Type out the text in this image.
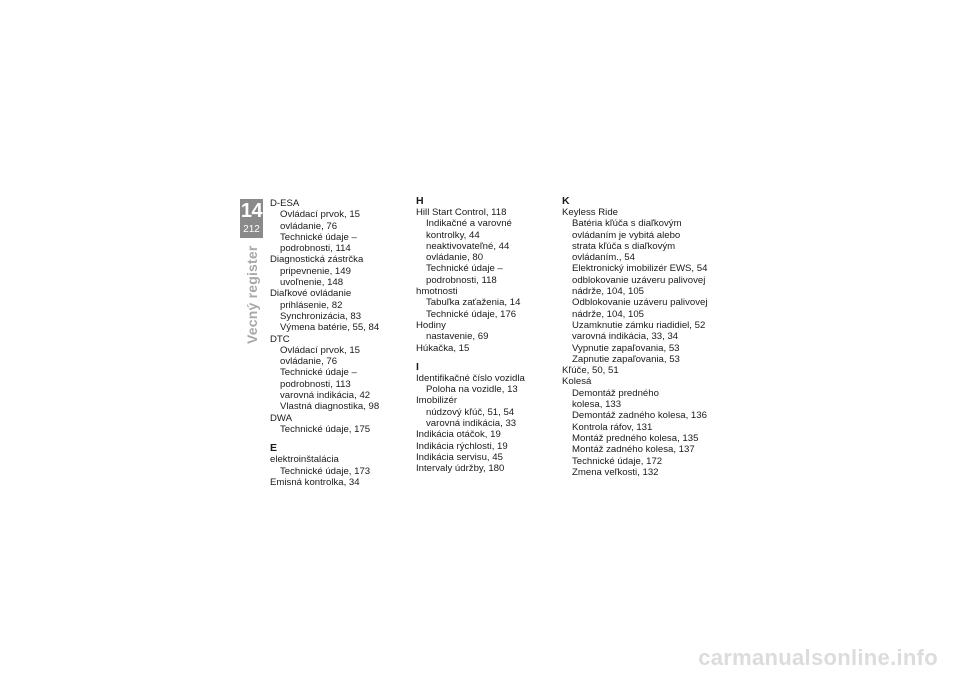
14
212
Vecný register
D-ESA
Ovládací prvok, 15
ovládanie, 76
Technické údaje –
podrobnosti, 114
Diagnostická zástrčka
pripevnenie, 149
uvoľnenie, 148
Diaľkové ovládanie
prihlásenie, 82
Synchronizácia, 83
Výmena batérie, 55, 84
DTC
Ovládací prvok, 15
ovládanie, 76
Technické údaje –
podrobnosti, 113
varovná indikácia, 42
Vlastná diagnostika, 98
DWA
Technické údaje, 175
E
elektroinštalácia
Technické údaje, 173
Emisná kontrolka, 34
H
Hill Start Control, 118
Indikačné a varovné
kontrolky, 44
neaktivovateľné, 44
ovládanie, 80
Technické údaje –
podrobnosti, 118
hmotnosti
Tabuľka zaťaženia, 14
Technické údaje, 176
Hodiny
nastavenie, 69
Húkačka, 15
I
Identifikačné číslo vozidla
Poloha na vozidle, 13
Imobilizér
núdzový kľúč, 51, 54
varovná indikácia, 33
Indikácia otáčok, 19
Indikácia rýchlosti, 19
Indikácia servisu, 45
Intervaly údržby, 180
K
Keyless Ride
Batéria kľúča s diaľkovým
ovládaním je vybitá alebo
strata kľúča s diaľkovým
ovládaním., 54
Elektronický imobilizér EWS, 54
odblokovanie uzáveru palivovej
nádrže, 104, 105
Odblokovanie uzáveru palivovej
nádrže, 104, 105
Uzamknutie zámku riadidiel, 52
varovná indikácia, 33, 34
Vypnutie zapaľovania, 53
Zapnutie zapaľovania, 53
Kľúče, 50, 51
Kolesá
Demontáž predného
kolesa, 133
Demontáž zadného kolesa, 136
Kontrola ráfov, 131
Montáž predného kolesa, 135
Montáž zadného kolesa, 137
Technické údaje, 172
Zmena veľkosti, 132
carmanualsonline.info
